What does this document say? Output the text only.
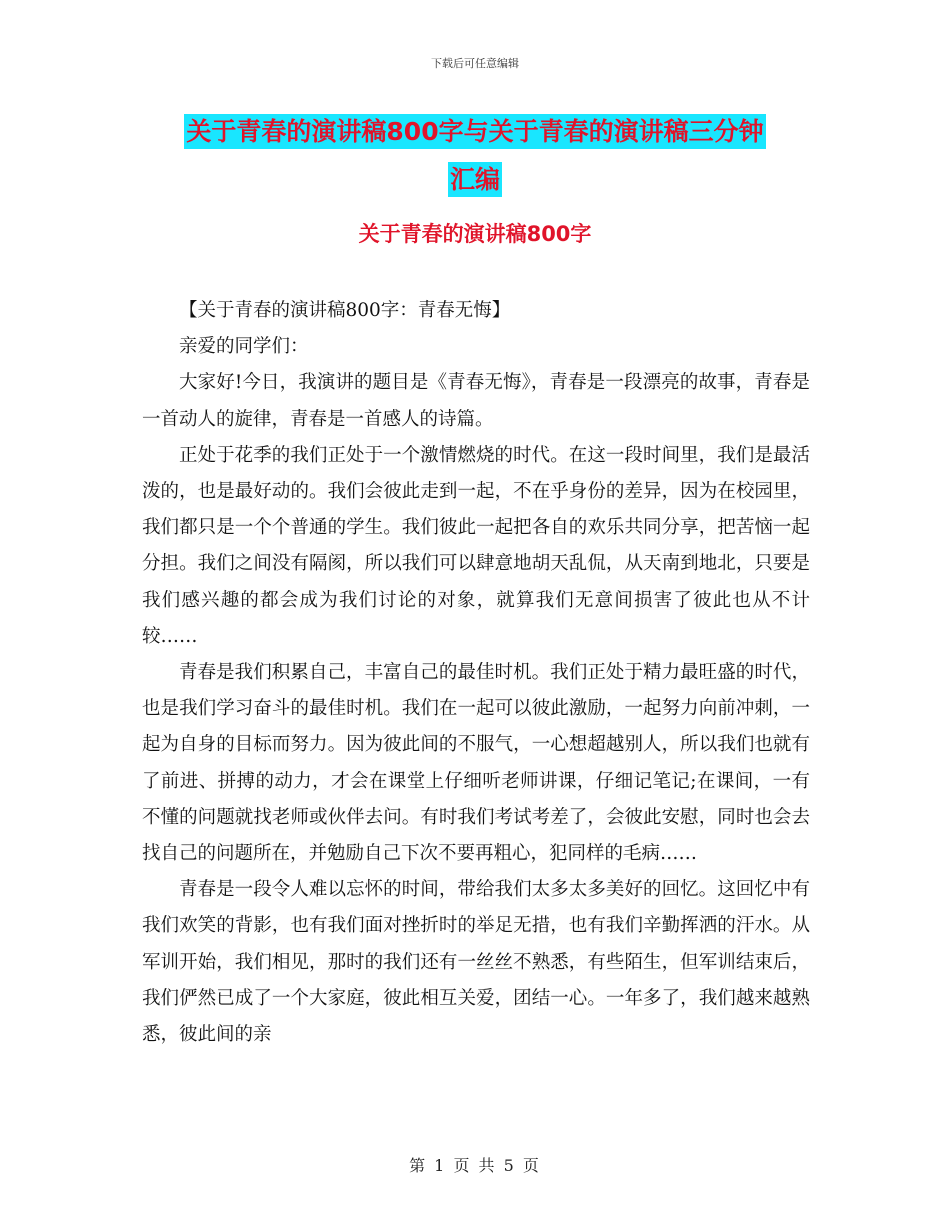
下载后可任意编辑
关于青春的演讲稿800字与关于青春的演讲稿三分钟
汇编
关于青春的演讲稿800字

【关于青春的演讲稿800字：青春无悔】

亲爱的同学们：

大家好!今日，我演讲的题目是《青春无悔》，青春是一段漂亮的故事，青春是一首动人的旋律，青春是一首感人的诗篇。

正处于花季的我们正处于一个激情燃烧的时代。在这一段时间里，我们是最活泼的，也是最好动的。我们会彼此走到一起，不在乎身份的差异，因为在校园里，我们都只是一个个普通的学生。我们彼此一起把各自的欢乐共同分享，把苦恼一起分担。我们之间没有隔阂，所以我们可以肆意地胡天乱侃，从天南到地北，只要是我们感兴趣的都会成为我们讨论的对象，就算我们无意间损害了彼此也从不计较……

青春是我们积累自己，丰富自己的最佳时机。我们正处于精力最旺盛的时代，也是我们学习奋斗的最佳时机。我们在一起可以彼此激励，一起努力向前冲刺，一起为自身的目标而努力。因为彼此间的不服气，一心想超越别人，所以我们也就有了前进、拼搏的动力，才会在课堂上仔细听老师讲课，仔细记笔记;在课间，一有不懂的问题就找老师或伙伴去问。有时我们考试考差了，会彼此安慰，同时也会去找自己的问题所在，并勉励自己下次不要再粗心，犯同样的毛病……

青春是一段令人难以忘怀的时间，带给我们太多太多美好的回忆。这回忆中有我们欢笑的背影，也有我们面对挫折时的举足无措，也有我们辛勤挥洒的汗水。从军训开始，我们相见，那时的我们还有一丝丝不熟悉，有些陌生，但军训结束后，我们俨然已成了一个大家庭，彼此相互关爱，团结一心。一年多了，我们越来越熟悉，彼此间的亲

第 1 页 共 5 页
